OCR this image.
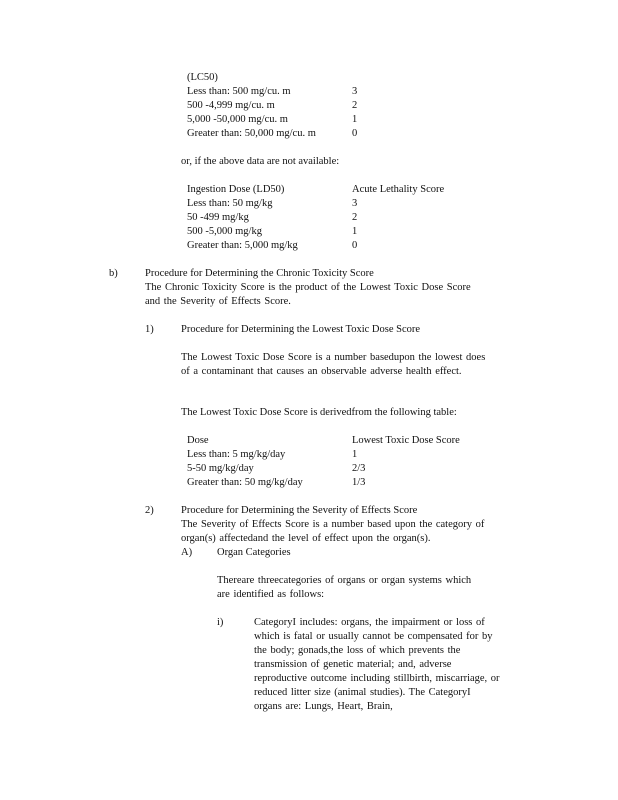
(LC50)
Less than: 500 mg/cu. m	3
500 -4,999 mg/cu. m	2
5,000 -50,000 mg/cu. m	1
Greater than: 50,000 mg/cu. m	0
or, if the above data are not available:
Ingestion Dose (LD50)	Acute Lethality Score
Less than: 50 mg/kg	3
50 -499 mg/kg	2
500 -5,000 mg/kg	1
Greater than: 5,000 mg/kg	0
b)	Procedure for Determining the Chronic Toxicity Score
The Chronic Toxicity Score is the product of the Lowest Toxic Dose Score and the Severity of Effects Score.
1)	Procedure for Determining the Lowest Toxic Dose Score
The Lowest Toxic Dose Score is a number basedupon the lowest does of a contaminant that causes an observable adverse health effect.
The Lowest Toxic Dose Score is derivedfrom the following table:
Dose	Lowest Toxic Dose Score
Less than: 5 mg/kg/day	1
5-50 mg/kg/day	2/3
Greater than: 50 mg/kg/day	1/3
2)	Procedure for Determining the Severity of Effects Score
The Severity of Effects Score is a number based upon the category of organ(s) affectedand the level of effect upon the organ(s).
A) Organ Categories
Thereare threecategories of organs or organ systems which are identified as follows:
i)	CategoryI includes: organs, the impairment or loss of which is fatal or usually cannot be compensated for by the body; gonads,the loss of which prevents the transmission of genetic material; and, adverse reproductive outcome including stillbirth, miscarriage, or reduced litter size (animal studies). The CategoryI organs are: Lungs, Heart, Brain,
